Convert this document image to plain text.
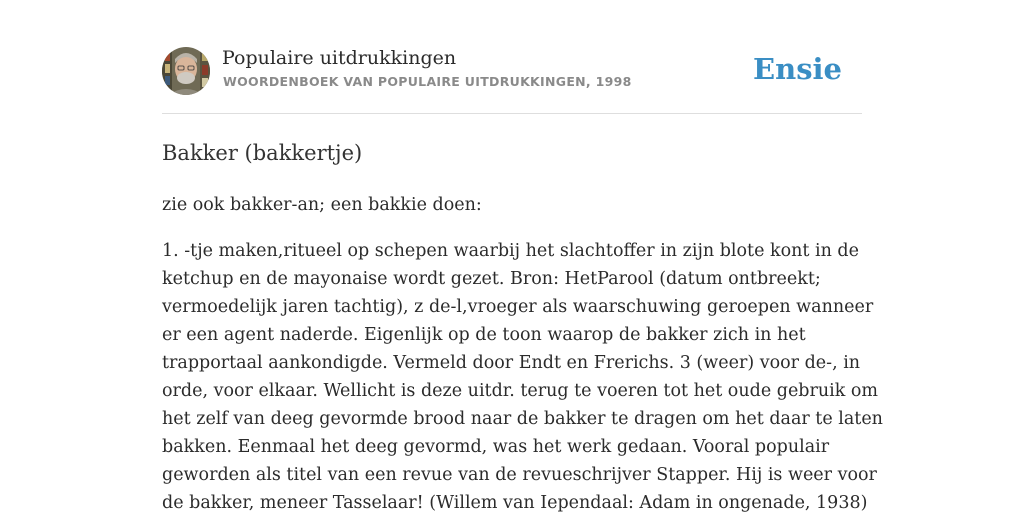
Populaire uitdrukkingen
WOORDENBOEK VAN POPULAIRE UITDRUKKINGEN, 1998	Ensie
Bakker (bakkertje)
zie ook bakker-an; een bakkie doen:
1. -tje maken,ritueel op schepen waarbij het slachtoffer in zijn blote kont in de
ketchup en de mayonaise wordt gezet. Bron: HetParool (datum ontbreekt;
vermoedelijk jaren tachtig), z de-l,vroeger als waarschuwing geroepen wanneer
er een agent naderde. Eigenlijk op de toon waarop de bakker zich in het
trapportaal aankondigde. Vermeld door Endt en Frerichs. 3 (weer) voor de-, in
orde, voor elkaar. Wellicht is deze uitdr. terug te voeren tot het oude gebruik om
het zelf van deeg gevormde brood naar de bakker te dragen om het daar te laten
bakken. Eenmaal het deeg gevormd, was het werk gedaan. Vooral populair
geworden als titel van een revue van de revueschrijver Stapper. Hij is weer voor
de bakker, meneer Tasselaar! (Willem van Iependaal: Adam in ongenade, 1938)
